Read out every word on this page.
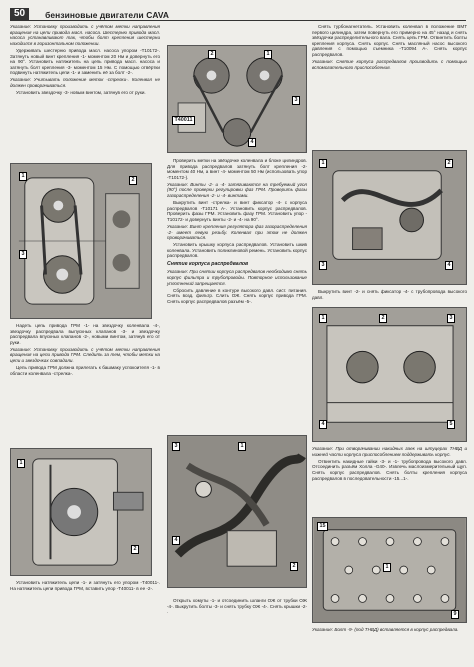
50	бензиновые двигатели CAVA
Указание: Установку производить с учётом метки направления вращения на цепи привода масл. насоса. Шестерню привода масл. насоса устанавливают так, чтобы болт крепления шестерни находился в горизонтальном положении.
Удерживать шестерню привода масл. насоса упором -T10172-. Затянуть новый винт крепления -1- моментом 20 Нм и довернуть его на 90°. Установить натяжитель на цепь привода масл. насоса и затянуть болт крепления -3- моментом 15 Нм. С помощью отвёртки подвинуть натяжитель цепи -1- и заменить её за болт -2-.
Указание: Учитывать положение меток -стрелки-. Коленвал не должен проворачиваться.
Установить звездочку -3- новым винтом, затянув его от руки.
1
2
3
Надеть цепь привода ГРМ -1- на звездочку коленвала -4-, звездочку распредвала выпускных клапанов -3- и звездочку распредвала впускных клапанов -2-, новыми винтом, затянув его от руки.
Указание: Установку производить с учётом метки направления вращения на цепи привода ГРМ. Следить за тем, чтобы метки на цепи и звездочках совпадали.
Цепь привода ГРМ должна прилегать к башмаку успокоителя -1- в области коленвала -стрелка-.
1
2
Установить натяжитель цепи -1- и затянуть его упором -T40011-. На натяжитель цепи привода ГРМ, вставить упор -T40011- в ее -2-.
T40011
2	1
3
4
Проверить метки на звёздочке коленвала и блоке цилиндров. Для привода распредвалов затянуть болт крепления -2- моментом 40 Нм, а винт -4- моментом 50 Нм (использовать упор -T10172-).
Указание: Винты -2- и -4- затягиваются на требуемый угол (90°) после проверки регулировки фаз ГРМ. Проверить фазы газораспределения -2- и -4- винтами.
Выкрутить винт -стрелка- и винт фиксатор -4- с корпуса распредвалов -T10171 A-. Установить корпус распредвалов. Проверить фазы ГРМ. Установить фазу ГРМ. Установить упор -T10172- и довернуть винты -2- и -4- на 90°.
Указание: Винт крепления регулятора фаз газораспределения -2- имеет левую резьбу. Коленвал при этом не должен проворачиваться.
Установить крышку корпуса распредвалов. Установить шкив коленвала. Установить поликлиновой ремень. Установить корпус распредвалов.
Снятие корпуса распредвалов
Указание: При снятии корпуса распредвалов необходимо снять корпус фильтра и трубопроводы. Повторное использование уплотнений запрещается.
Сбросить давление в контуре высокого давл. сист. питания. Снять возд. фильтр. Слить ОЖ. Снять корпус привода ГРМ. Снять корпус распредвалов разъём -5-.
3	1
4
2
Открыть хомуты -1- и отсоединить шланги ОЖ от трубки ОЖ -4-. Выкрутить болты -3- и снять трубку ОЖ -4-. Снять крышки -2- .
Снять турбонагнетатель. Установить коленвал в положение ВМТ первого цилиндра, затем повернуть его примерно на 45° назад и снять звёздочки распределительного вала. Снять цепь ГРМ. Отвинтить болты крепления корпуса. Снять корпус. Снять масляный насос высокого давления с помощью съемника -T10094 A-. Снять корпус распредвалов.
Указание: Снятие корпуса распредвалов производить с помощью вспомогательного приспособления.
1	2
3	4
Выкрутить винт -2- и снять фиксатор -4- с трубопровода высокого давл.
1	2	3
4	5
Указание: При отворачивании накидных гаек на штуцерах ТНВД и нижней части корпуса приспособлением поддерживать корпус.
Отвинтить накидные гайки -3- и -1- трубопровода высокого давл. Отсоединить разъём Холла -G40-. Извлечь маслоизмерительный щуп. Снять корпус распредвалов. Снять болты крепления корпуса распредвалов в последовательности -15...1-.
15
1
9
Указание: Болт -9- (под ТНВД) вставляется в корпус распредвала.
